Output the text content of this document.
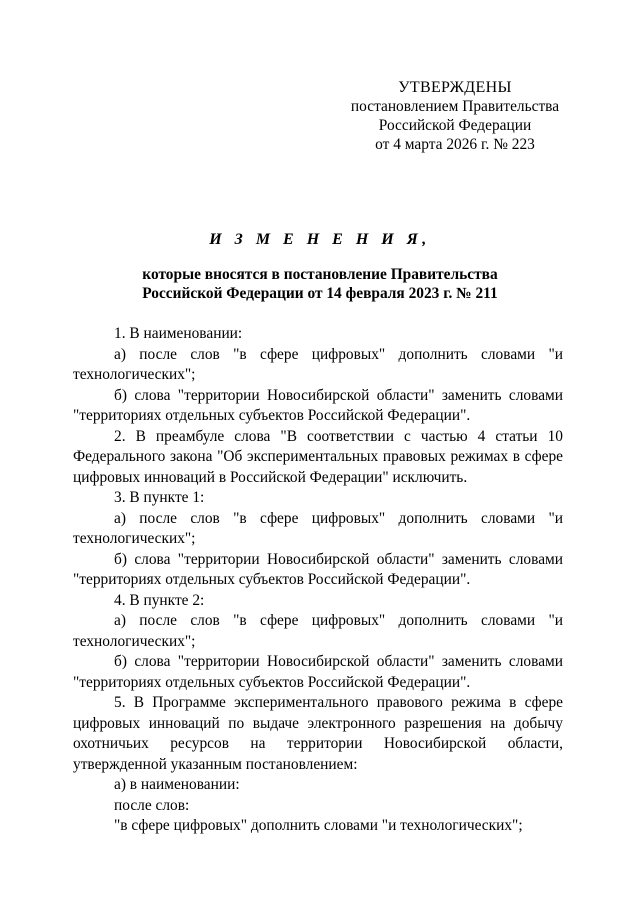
УТВЕРЖДЕНЫ
постановлением Правительства
Российской Федерации
от 4 марта 2026 г. № 223
И З М Е Н Е Н И Я,
которые вносятся в постановление Правительства
Российской Федерации от 14 февраля 2023 г. № 211

1. В наименовании:

а) после слов "в сфере цифровых" дополнить словами "и технологических";

б) слова "территории Новосибирской области" заменить словами "территориях отдельных субъектов Российской Федерации".

2. В преамбуле слова "В соответствии с частью 4 статьи 10 Федерального закона "Об экспериментальных правовых режимах в сфере цифровых инноваций в Российской Федерации" исключить.

3. В пункте 1:

а) после слов "в сфере цифровых" дополнить словами "и технологических";

б) слова "территории Новосибирской области" заменить словами "территориях отдельных субъектов Российской Федерации".

4. В пункте 2:

а) после слов "в сфере цифровых" дополнить словами "и технологических";

б) слова "территории Новосибирской области" заменить словами "территориях отдельных субъектов Российской Федерации".

5. В Программе экспериментального правового режима в сфере цифровых инноваций по выдаче электронного разрешения на добычу охотничьих ресурсов на территории Новосибирской области, утвержденной указанным постановлением:

а) в наименовании:

после слов:

"в сфере цифровых" дополнить словами "и технологических";
